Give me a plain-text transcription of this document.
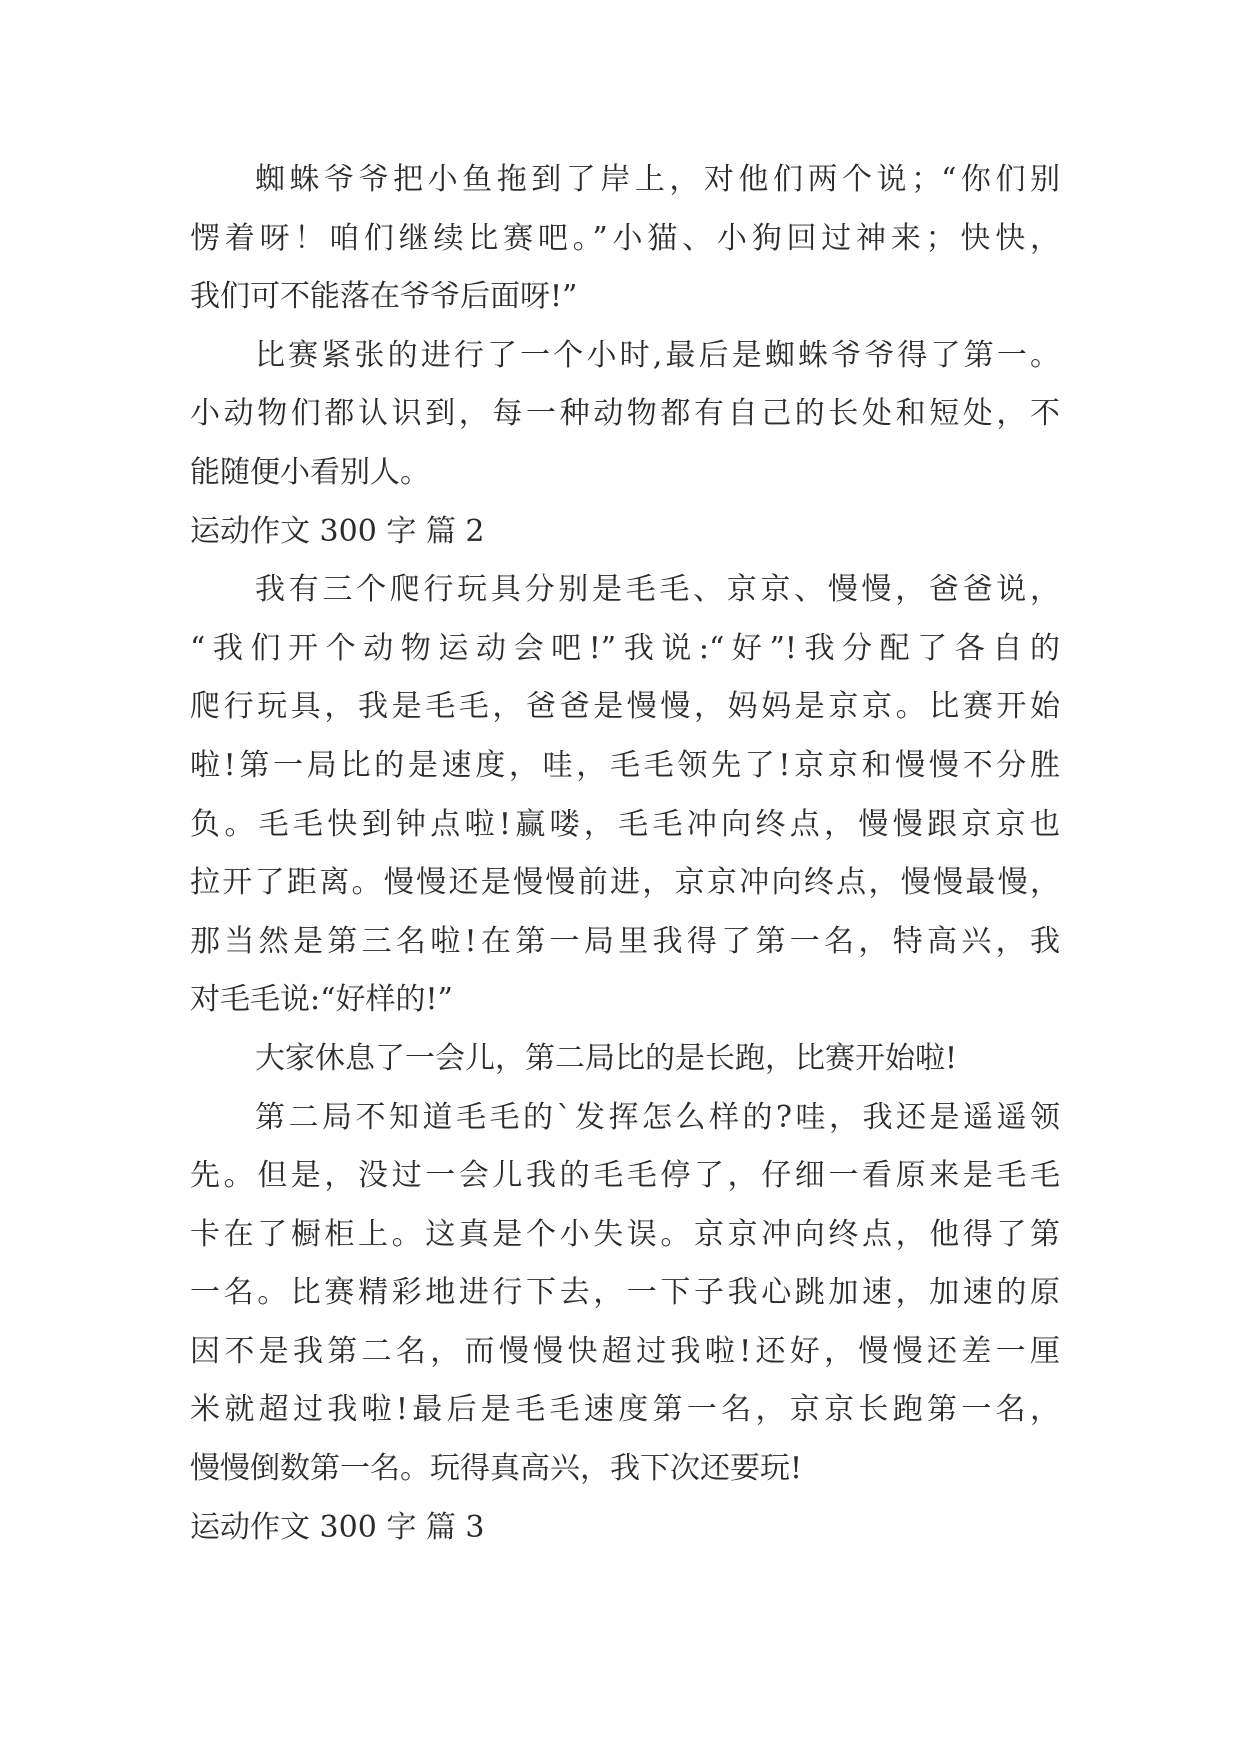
蜘蛛爷爷把小鱼拖到了岸上，对他们两个说；“你们别
愣着呀！咱们继续比赛吧。”小猫、小狗回过神来；快快，
我们可不能落在爷爷后面呀!”
比赛紧张的进行了一个小时,最后是蜘蛛爷爷得了第一。
小动物们都认识到，每一种动物都有自己的长处和短处，不
能随便小看别人。
运动作文 300 字 篇 2
我有三个爬行玩具分别是毛毛、京京、慢慢，爸爸说，
“我们开个动物运动会吧!”我说:“好”!我分配了各自的
爬行玩具，我是毛毛，爸爸是慢慢，妈妈是京京。比赛开始
啦!第一局比的是速度，哇，毛毛领先了!京京和慢慢不分胜
负。毛毛快到钟点啦!赢喽，毛毛冲向终点，慢慢跟京京也
拉开了距离。慢慢还是慢慢前进，京京冲向终点，慢慢最慢，
那当然是第三名啦!在第一局里我得了第一名，特高兴，我
对毛毛说:“好样的!”
大家休息了一会儿，第二局比的是长跑，比赛开始啦!
第二局不知道毛毛的`发挥怎么样的?哇，我还是遥遥领
先。但是，没过一会儿我的毛毛停了，仔细一看原来是毛毛
卡在了橱柜上。这真是个小失误。京京冲向终点，他得了第
一名。比赛精彩地进行下去，一下子我心跳加速，加速的原
因不是我第二名，而慢慢快超过我啦!还好，慢慢还差一厘
米就超过我啦!最后是毛毛速度第一名，京京长跑第一名，
慢慢倒数第一名。玩得真高兴，我下次还要玩!
运动作文 300 字 篇 3
